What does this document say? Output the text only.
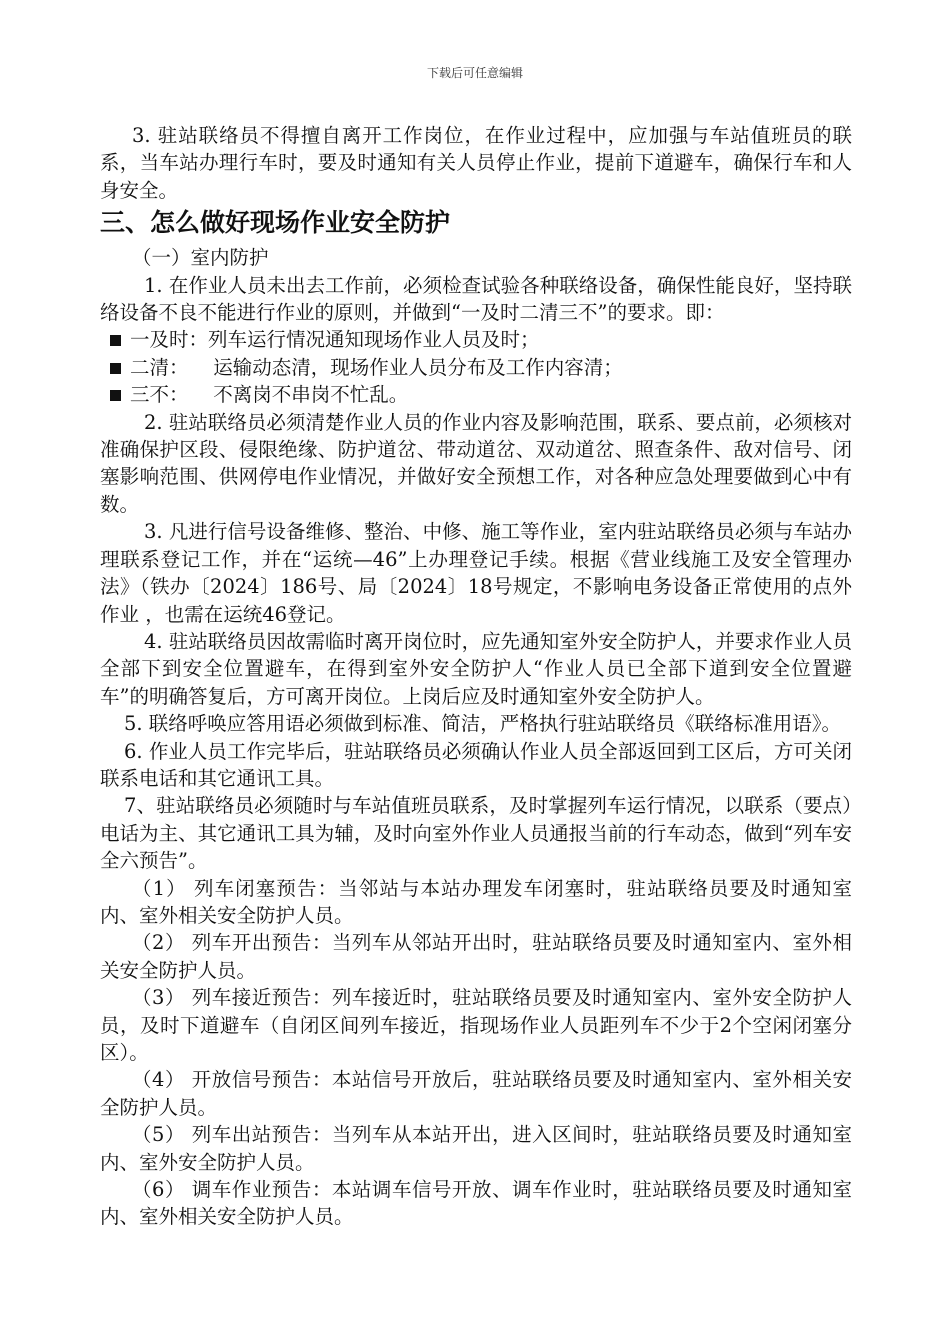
下载后可任意编辑

3. 驻站联络员不得擅自离开工作岗位，在作业过程中，应加强与车站值班员的联系，当车站办理行车时，要及时通知有关人员停止作业，提前下道避车，确保行车和人身安全。

三、怎么做好现场作业安全防护

（一）室内防护

1. 在作业人员未出去工作前，必须检查试验各种联络设备，确保性能良好，坚持联络设备不良不能进行作业的原则，并做到“一及时二清三不”的要求。即：

一及时：列车运行情况通知现场作业人员及时；

二清：    运输动态清，现场作业人员分布及工作内容清；

三不：    不离岗不串岗不忙乱。

2. 驻站联络员必须清楚作业人员的作业内容及影响范围，联系、要点前，必须核对准确保护区段、侵限绝缘、防护道岔、带动道岔、双动道岔、照查条件、敌对信号、闭塞影响范围、供网停电作业情况，并做好安全预想工作，对各种应急处理要做到心中有数。

3. 凡进行信号设备维修、整治、中修、施工等作业，室内驻站联络员必须与车站办理联系登记工作，并在“运统—46”上办理登记手续。根据《营业线施工及安全管理办法》（铁办〔2024〕186号、局〔2024〕18号规定，不影响电务设备正常使用的点外作业 ，也需在运统46登记。

4. 驻站联络员因故需临时离开岗位时，应先通知室外安全防护人，并要求作业人员全部下到安全位置避车，在得到室外安全防护人“作业人员已全部下道到安全位置避车”的明确答复后，方可离开岗位。上岗后应及时通知室外安全防护人。

5. 联络呼唤应答用语必须做到标准、简洁，严格执行驻站联络员《联络标准用语》。

6. 作业人员工作完毕后，驻站联络员必须确认作业人员全部返回到工区后，方可关闭联系电话和其它通讯工具。

7、驻站联络员必须随时与车站值班员联系，及时掌握列车运行情况，以联系（要点）电话为主、其它通讯工具为辅，及时向室外作业人员通报当前的行车动态，做到“列车安全六预告”。

（1） 列车闭塞预告：当邻站与本站办理发车闭塞时，驻站联络员要及时通知室内、室外相关安全防护人员。

（2） 列车开出预告：当列车从邻站开出时，驻站联络员要及时通知室内、室外相关安全防护人员。

（3） 列车接近预告：列车接近时，驻站联络员要及时通知室内、室外安全防护人员，及时下道避车（自闭区间列车接近，指现场作业人员距列车不少于2个空闲闭塞分区）。

（4） 开放信号预告：本站信号开放后，驻站联络员要及时通知室内、室外相关安全防护人员。

（5） 列车出站预告：当列车从本站开出，进入区间时，驻站联络员要及时通知室内、室外安全防护人员。

（6） 调车作业预告：本站调车信号开放、调车作业时，驻站联络员要及时通知室内、室外相关安全防护人员。
